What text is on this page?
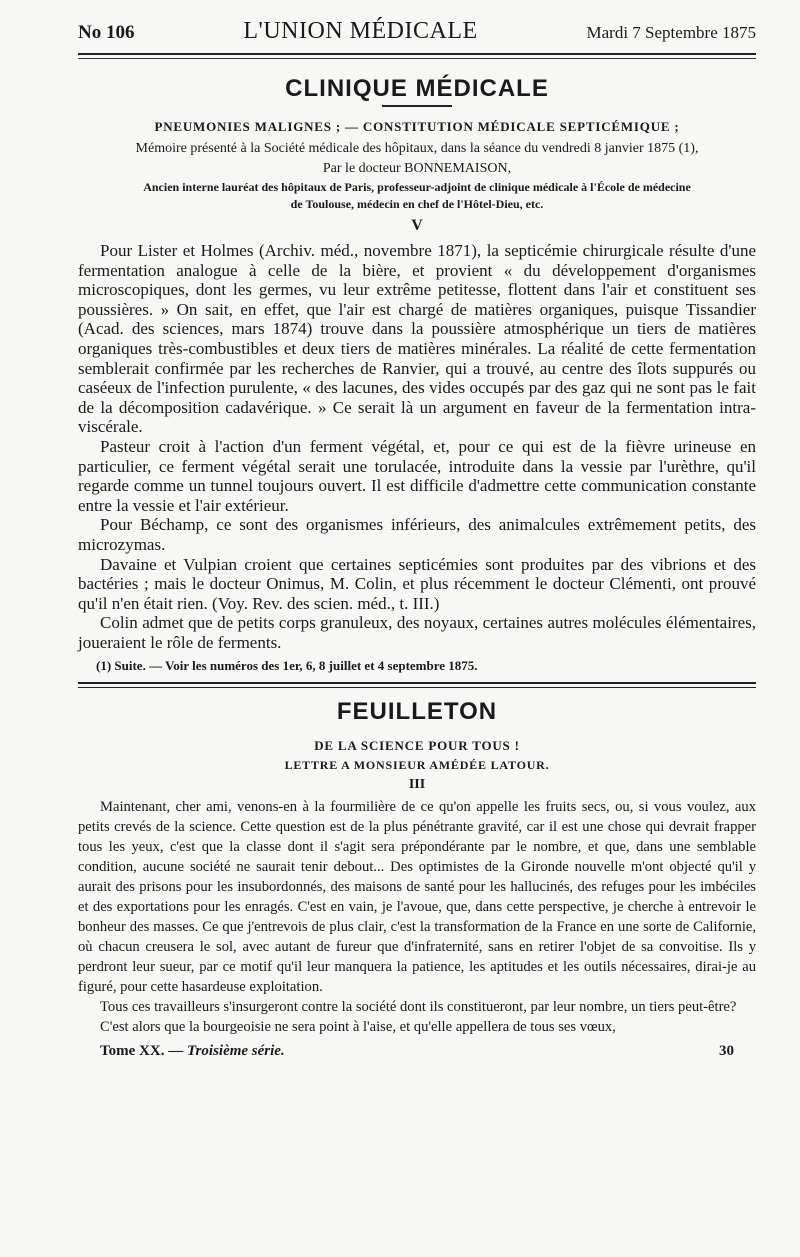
No 106	L'UNION MÉDICALE	Mardi 7 Septembre 1875
CLINIQUE MÉDICALE
PNEUMONIES MALIGNES ; — CONSTITUTION MÉDICALE SEPTICÉMIQUE ;
Mémoire présenté à la Société médicale des hôpitaux, dans la séance du vendredi 8 janvier 1875 (1),
Par le docteur BONNEMAISON,
Ancien interne lauréat des hôpitaux de Paris, professeur-adjoint de clinique médicale à l'École de médecine
de Toulouse, médecin en chef de l'Hôtel-Dieu, etc.
V

Pour Lister et Holmes (Archiv. méd., novembre 1871), la septicémie chirurgicale résulte d'une fermentation analogue à celle de la bière, et provient « du développement d'organismes microscopiques, dont les germes, vu leur extrême petitesse, flottent dans l'air et constituent ses poussières. » On sait, en effet, que l'air est chargé de matières organiques, puisque Tissandier (Acad. des sciences, mars 1874) trouve dans la poussière atmosphérique un tiers de matières organiques très-combustibles et deux tiers de matières minérales. La réalité de cette fermentation semblerait confirmée par les recherches de Ranvier, qui a trouvé, au centre des îlots suppurés ou caséeux de l'infection purulente, « des lacunes, des vides occupés par des gaz qui ne sont pas le fait de la décomposition cadavérique. » Ce serait là un argument en faveur de la fermentation intra-viscérale.

Pasteur croit à l'action d'un ferment végétal, et, pour ce qui est de la fièvre urineuse en particulier, ce ferment végétal serait une torulacée, introduite dans la vessie par l'urèthre, qu'il regarde comme un tunnel toujours ouvert. Il est difficile d'admettre cette communication constante entre la vessie et l'air extérieur.

Pour Béchamp, ce sont des organismes inférieurs, des animalcules extrêmement petits, des microzymas.

Davaine et Vulpian croient que certaines septicémies sont produites par des vibrions et des bactéries ; mais le docteur Onimus, M. Colin, et plus récemment le docteur Clémenti, ont prouvé qu'il n'en était rien. (Voy. Rev. des scien. méd., t. III.)

Colin admet que de petits corps granuleux, des noyaux, certaines autres molécules élémentaires, joueraient le rôle de ferments.

(1) Suite. — Voir les numéros des 1er, 6, 8 juillet et 4 septembre 1875.
FEUILLETON
DE LA SCIENCE POUR TOUS !
LETTRE A MONSIEUR AMÉDÉE LATOUR.
III

Maintenant, cher ami, venons-en à la fourmilière de ce qu'on appelle les fruits secs, ou, si vous voulez, aux petits crevés de la science. Cette question est de la plus pénétrante gravité, car il est une chose qui devrait frapper tous les yeux, c'est que la classe dont il s'agit sera prépondérante par le nombre, et que, dans une semblable condition, aucune société ne saurait tenir debout... Des optimistes de la Gironde nouvelle m'ont objecté qu'il y aurait des prisons pour les insubordonnés, des maisons de santé pour les hallucinés, des refuges pour les imbéciles et des exportations pour les enragés. C'est en vain, je l'avoue, que, dans cette perspective, je cherche à entrevoir le bonheur des masses. Ce que j'entrevois de plus clair, c'est la transformation de la France en une sorte de Californie, où chacun creusera le sol, avec autant de fureur que d'infraternité, sans en retirer l'objet de sa convoitise. Ils y perdront leur sueur, par ce motif qu'il leur manquera la patience, les aptitudes et les outils nécessaires, dirai-je au figuré, pour cette hasardeuse exploitation.

Tous ces travailleurs s'insurgeront contre la société dont ils constitueront, par leur nombre, un tiers peut-être?

C'est alors que la bourgeoisie ne sera point à l'aise, et qu'elle appellera de tous ses vœux,

Tome XX. — Troisième série.	30
